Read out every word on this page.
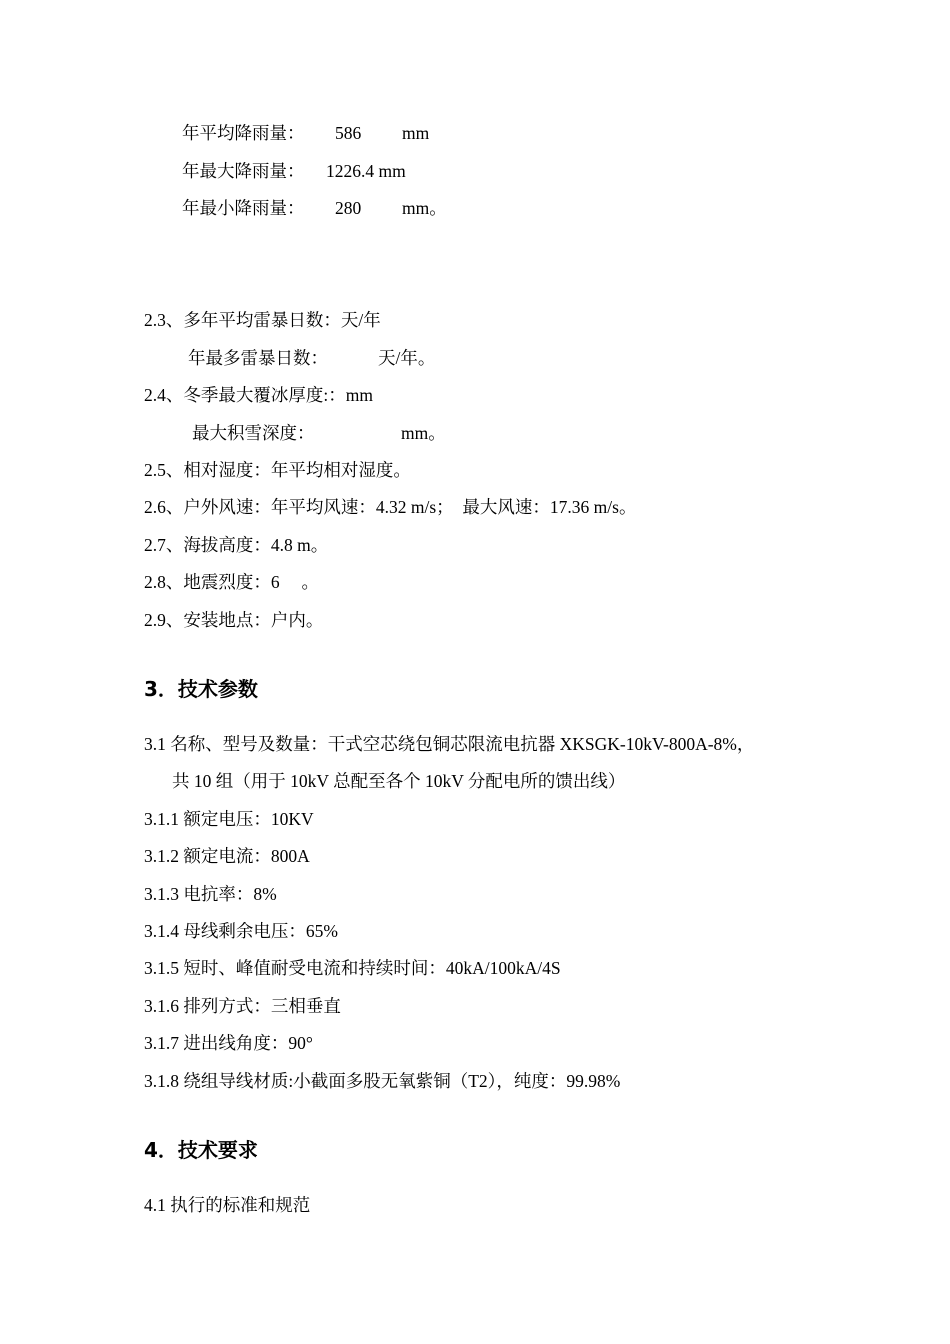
年平均降雨量： 586 mm
年最大降雨量： 1226.4 mm
年最小降雨量： 280 mm。
2.3、多年平均雷暴日数：天/年
年最多雷暴日数：	天/年。
2.4、冬季最大覆冰厚度:：mm
最大积雪深度：	mm。
2.5、相对湿度：年平均相对湿度。
2.6、户外风速：年平均风速：4.32 m/s；　最大风速：17.36 m/s。
2.7、海拔高度：4.8 m。
2.8、地震烈度：6　 。
2.9、安装地点：户内。
3．技术参数
3.1 名称、型号及数量：干式空芯绕包铜芯限流电抗器 XKSGK-10kV-800A-8%，
共 10 组（用于 10kV 总配至各个 10kV 分配电所的馈出线）
3.1.1 额定电压：10KV
3.1.2 额定电流：800A
3.1.3 电抗率：8%
3.1.4 母线剩余电压：65%
3.1.5 短时、峰值耐受电流和持续时间：40kA/100kA/4S
3.1.6 排列方式：三相垂直
3.1.7 进出线角度：90°
3.1.8 绕组导线材质:小截面多股无氧紫铜（T2），纯度：99.98%
4．技术要求
4.1 执行的标准和规范
